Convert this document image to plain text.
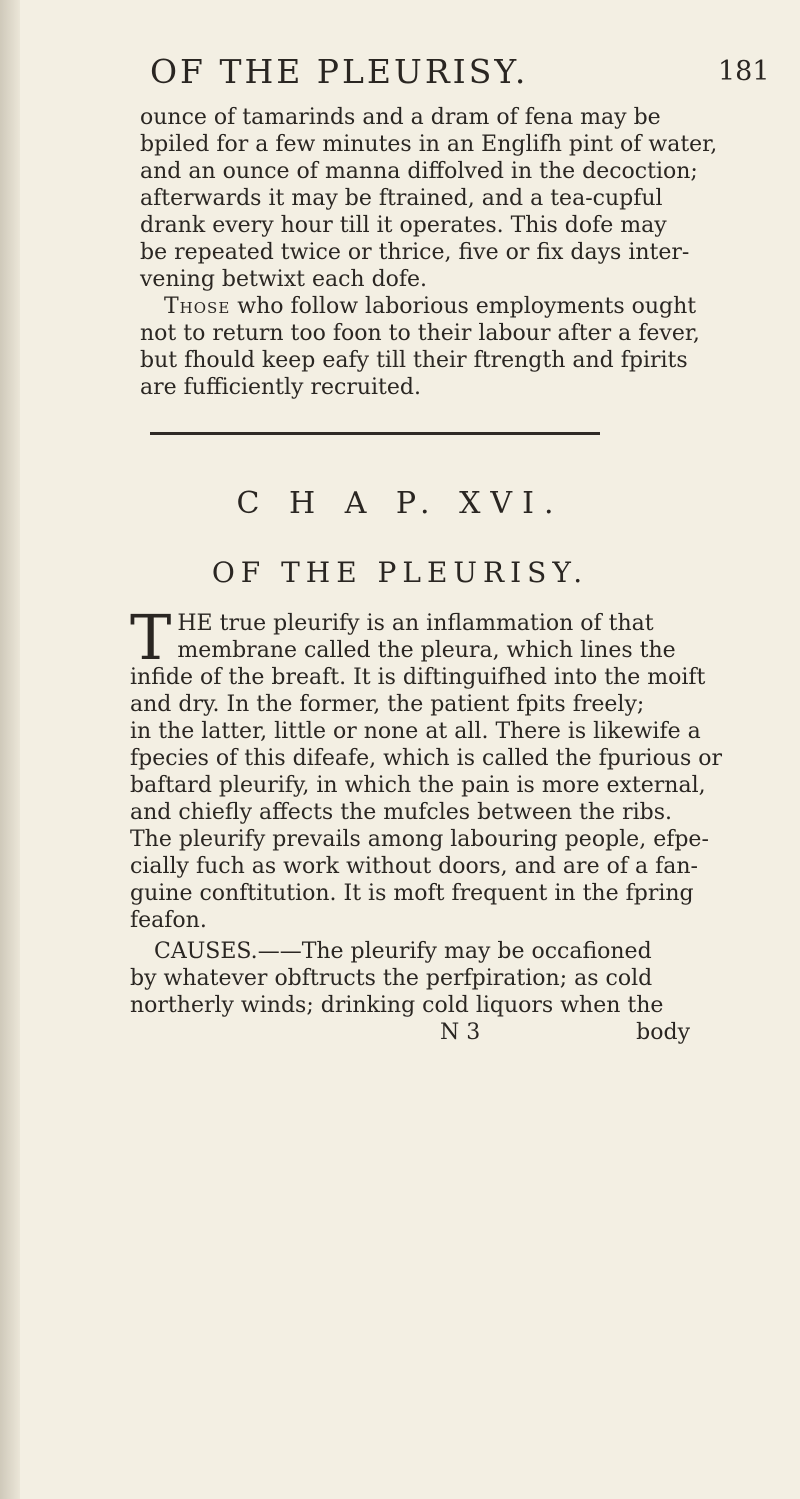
OF THE PLEURISY.	181
ounce of tamarinds and a dram of fena may be
bpiled for a few minutes in an Englifh pint of water,
and an ounce of manna diffolved in the decoction;
afterwards it may be ftrained, and a tea-cupful
drank every hour till it operates. This dofe may
be repeated twice or thrice, five or fix days inter-
vening betwixt each dofe.
Those who follow laborious employments ought
not to return too foon to their labour after a fever,
but fhould keep eafy till their ftrength and fpirits
are fufficiently recruited.
C H A P. XVI.
OF THE PLEURISY.
T HE true pleurify is an inflammation of that
membrane called the pleura, which lines the
infide of the breaft. It is diftinguifhed into the moift
and dry. In the former, the patient fpits freely;
in the latter, little or none at all. There is likewife a
fpecies of this difeafe, which is called the fpurious or
baftard pleurify, in which the pain is more external,
and chiefly affects the mufcles between the ribs.
The pleurify prevails among labouring people, efpe-
cially fuch as work without doors, and are of a fan-
guine conftitution. It is moft frequent in the fpring
feafon.
CAUSES.——The pleurify may be occafioned
by whatever obftructs the perfpiration; as cold
northerly winds; drinking cold liquors when the
N 3	body
